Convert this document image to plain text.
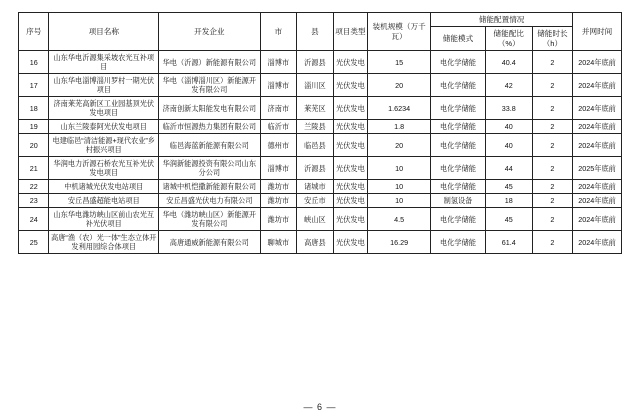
序号	项目名称	开发企业	市	县	项目类型	装机规模（万千瓦）	储能配置情况			并网时间
							储能模式	储能配比（%）	储能时长（h）	
16	山东华电沂源集采坡农光互补项目	华电（沂源）新能源有限公司	淄博市	沂源县	光伏发电	15	电化学储能	40.4	2	2024年底前
17	山东华电淄博淄川罗村一期光伏项目	华电（淄博淄川区）新能源开发有限公司	淄博市	淄川区	光伏发电	20	电化学储能	42	2	2024年底前
18	济南莱芜高新区工业园基顶光伏发电项目	济南创新太阳能发电有限公司	济南市	莱芜区	光伏发电	1.6234	电化学储能	33.8	2	2024年底前
19	山东兰陵泰阿光伏发电项目	临沂市恒源热力集团有限公司	临沂市	兰陵县	光伏发电	1.8	电化学储能	40	2	2024年底前
20	电建临邑“清洁能源+现代农业”乡村振兴项目	临邑海蓝新能源有限公司	德州市	临邑县	光伏发电	20	电化学储能	40	2	2024年底前
21	华润电力沂源石桥农光互补光伏发电项目	华润新能源投资有限公司山东分公司	淄博市	沂源县	光伏发电	10	电化学储能	44	2	2025年底前
22	中机诸城光伏发电站项目	诸城中机恺撒新能源有限公司	潍坊市	诸城市	光伏发电	10	电化学储能	45	2	2024年底前
23	安丘昌盛超能电站项目	安丘昌盛光伏电力有限公司	潍坊市	安丘市	光伏发电	10	制氢设备	18	2	2024年底前
24	山东华电潍坊峡山区前山农光互补光伏项目	华电（潍坊峡山区）新能源开发有限公司	潍坊市	峡山区	光伏发电	4.5	电化学储能	45	2	2024年底前
25	高唐“渔（农）光一体”生态立体开发利用园综合体项目	高唐通威新能源有限公司	聊城市	高唐县	光伏发电	16.29	电化学储能	61.4	2	2024年底前
— 6 —
